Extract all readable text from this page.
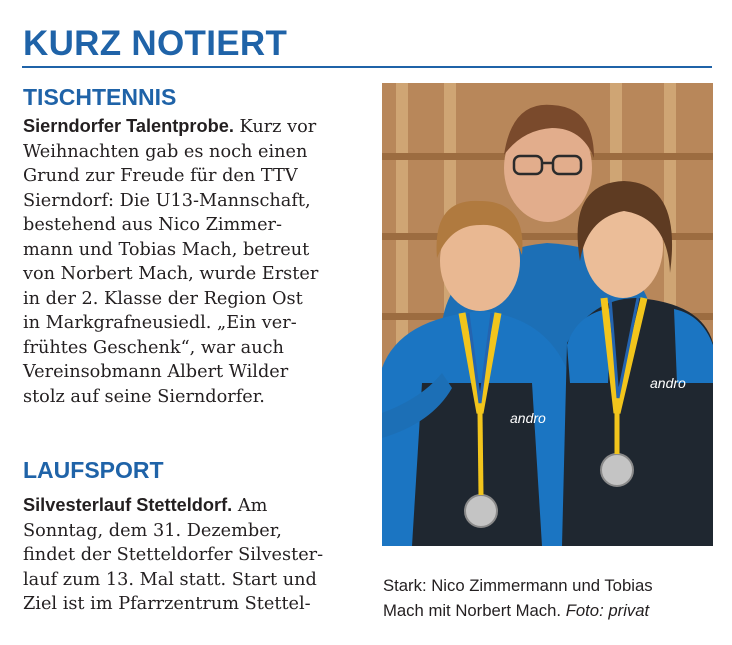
KURZ NOTIERT
TISCHTENNIS
Sierndorfer Talentprobe. Kurz vor
Weihnachten gab es noch einen
Grund zur Freude für den TTV
Sierndorf: Die U13-Mannschaft,
bestehend aus Nico Zimmer-
mann und Tobias Mach, betreut
von Norbert Mach, wurde Erster
in der 2. Klasse der Region Ost
in Markgrafneusiedl. „Ein ver-
frühtes Geschenk“, war auch
Vereinsobmann Albert Wilder
stolz auf seine Sierndorfer.
LAUFSPORT
Silvesterlauf Stetteldorf. Am
Sonntag, dem 31. Dezember,
findet der Stetteldorfer Silvester-
lauf zum 13. Mal statt. Start und
Ziel ist im Pfarrzentrum Stettel-
andro
andro
Stark: Nico Zimmermann und Tobias
Mach mit Norbert Mach. Foto: privat
